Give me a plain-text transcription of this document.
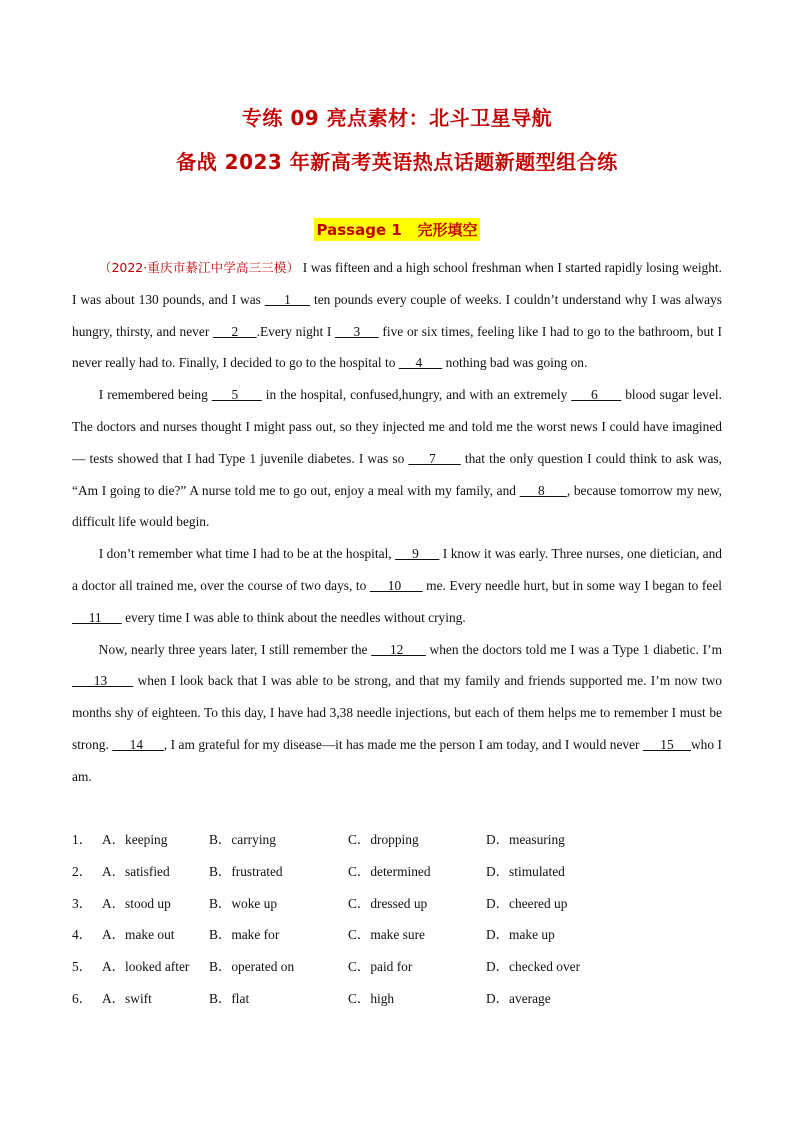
专练 09 亮点素材：北斗卫星导航
备战 2023 年新高考英语热点话题新题型组合练
Passage 1   完形填空

（2022·重庆市綦江中学高三三模） I was fifteen and a high school freshman when I started rapidly losing weight. I was about 130 pounds, and I was      1      ten pounds every couple of weeks. I couldn’t understand why I was always hungry, thirsty, and never      2     .Every night I      3      five or six times, feeling like I had to go to the bathroom, but I never really had to. Finally, I decided to go to the hospital to      4       nothing bad was going on.

I remembered being      5       in the hospital, confused,hungry, and with an extremely      6       blood sugar level. The doctors and nurses thought I might pass out, so they injected me and told me the worst news I could have imagined — tests showed that I had Type 1 juvenile diabetes. I was so      7       that the only question I could think to ask was, “Am I going to die?” A nurse told me to go out, enjoy a meal with my family, and      8      , because tomorrow my new, difficult life would begin.

I don’t remember what time I had to be at the hospital,      9       I know it was early. Three nurses, one dietician, and a doctor all trained me, over the course of two days, to      10       me. Every needle hurt, but in some way I began to feel      11       every time I was able to think about the needles without crying.

Now, nearly three years later, I still remember the      12       when the doctors told me I was a Type 1 diabetic. I’m      13       when I look back that I was able to be strong, and that my family and friends supported me. I’m now two months shy of eighteen. To this day, I have had 3,38 needle injections, but each of them helps me to remember I must be strong.      14      , I am grateful for my disease—it has made me the person I am today, and I would never      15     who I am.

1． A．keeping	B．carrying	C．dropping	D．measuring
2． A．satisfied	B．frustrated	C．determined	D．stimulated
3． A．stood up	B．woke up	C．dressed up	D．cheered up
4． A．make out	B．make for	C．make sure	D．make up
5． A．looked after B．operated on	C．paid for	D．checked over
6． A．swift	B．flat	C．high	D．average
